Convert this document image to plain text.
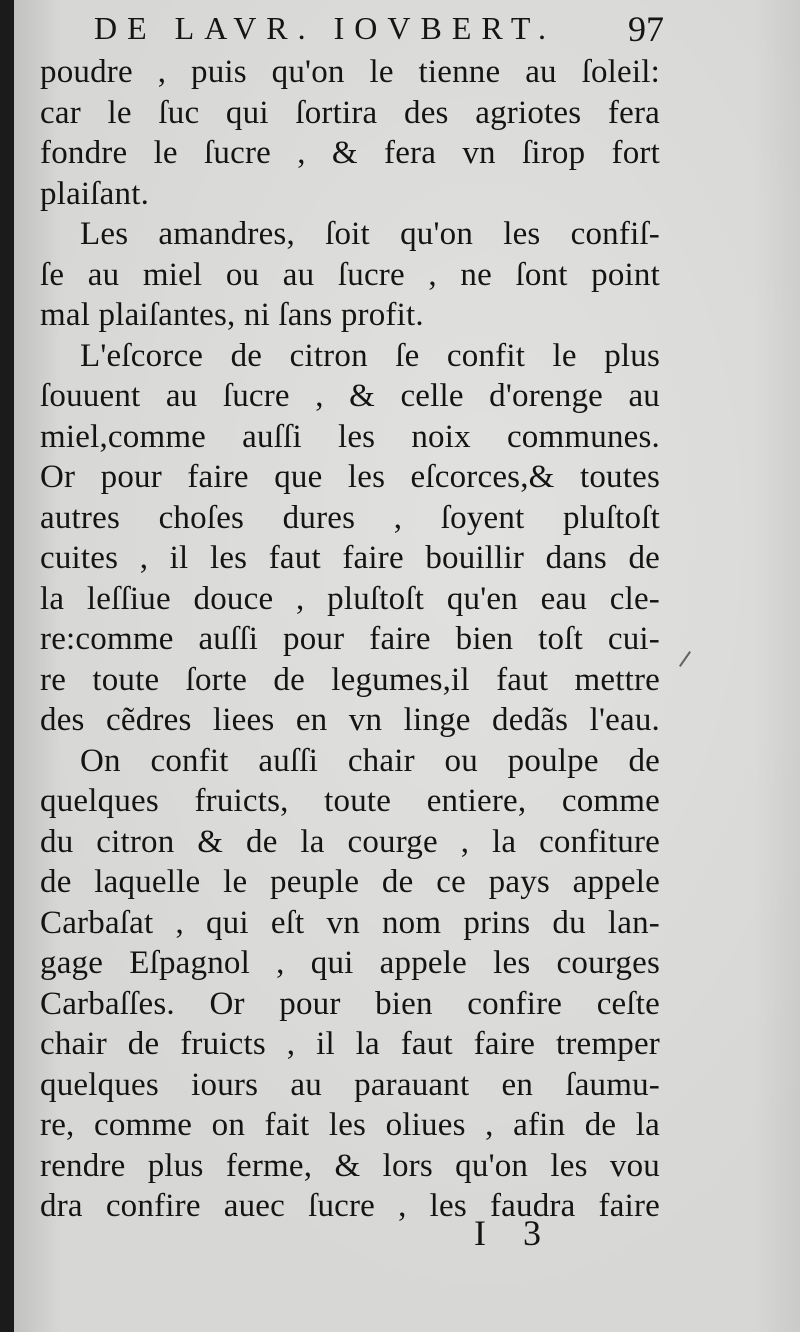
DE LAVR. IOVBERT. 97
poudre , puis qu'on le tienne au ſoleil:
car le ſuc qui ſortira des agriotes fera
fondre le ſucre , & fera vn ſirop fort
plaiſant.
Les amandres, ſoit qu'on les confiſ-
ſe au miel ou au ſucre , ne ſont point
mal plaiſantes, ni ſans profit.
L'eſcorce de citron ſe confit le plus
ſouuent au ſucre , & celle d'orenge au
miel,comme auſſi les noix communes.
Or pour faire que les eſcorces,& toutes
autres choſes dures , ſoyent pluſtoſt
cuites , il les faut faire bouillir dans de
la leſſiue douce , pluſtoſt qu'en eau cle-
re:comme auſſi pour faire bien toſt cui-
re toute ſorte de legumes,il faut mettre
des cẽdres liees en vn linge dedãs l'eau.
On confit auſſi chair ou poulpe de
quelques fruicts, toute entiere, comme
du citron & de la courge , la confiture
de laquelle le peuple de ce pays appele
Carbaſat , qui eſt vn nom prins du lan-
gage Eſpagnol , qui appele les courges
Carbaſſes. Or pour bien confire ceſte
chair de fruicts , il la faut faire tremper
quelques iours au parauant en ſaumu-
re, comme on fait les oliues , afin de la
rendre plus ferme, & lors qu'on les vou
dra confire auec ſucre , les faudra faire
I 3
